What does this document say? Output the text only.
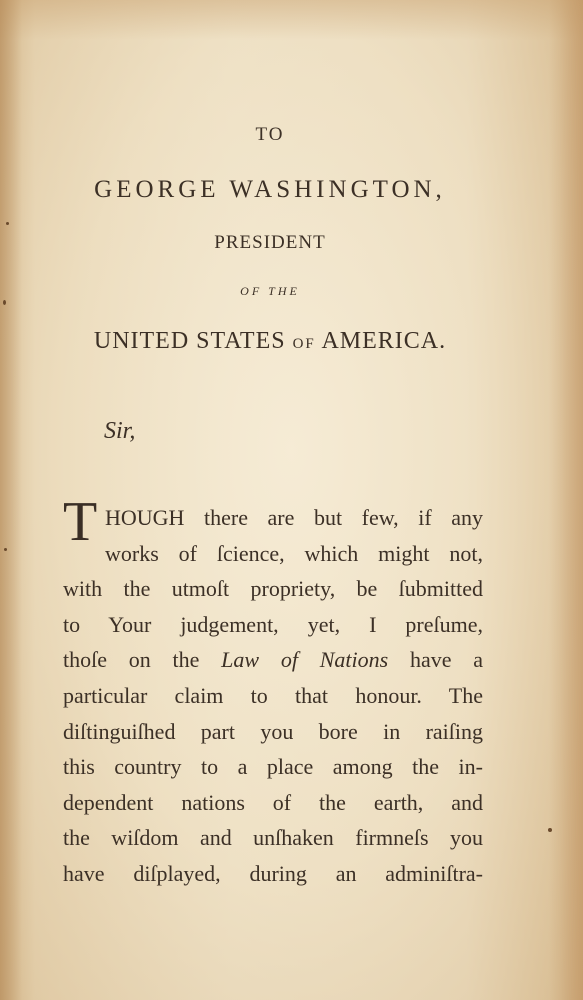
TO
GEORGE WASHINGTON,
PRESIDENT
OF THE
UNITED STATES OF AMERICA.
Sir,
T HOUGH there are but few, if any
works of ſcience, which might not,
with the utmoſt propriety, be ſubmitted
to Your judgement, yet, I preſume,
thoſe on the Law of Nations have a
particular claim to that honour. The
diſtinguiſhed part you bore in raiſing
this country to a place among the in-
dependent nations of the earth, and
the wiſdom and unſhaken firmneſs you
have diſplayed, during an adminiſtra-
